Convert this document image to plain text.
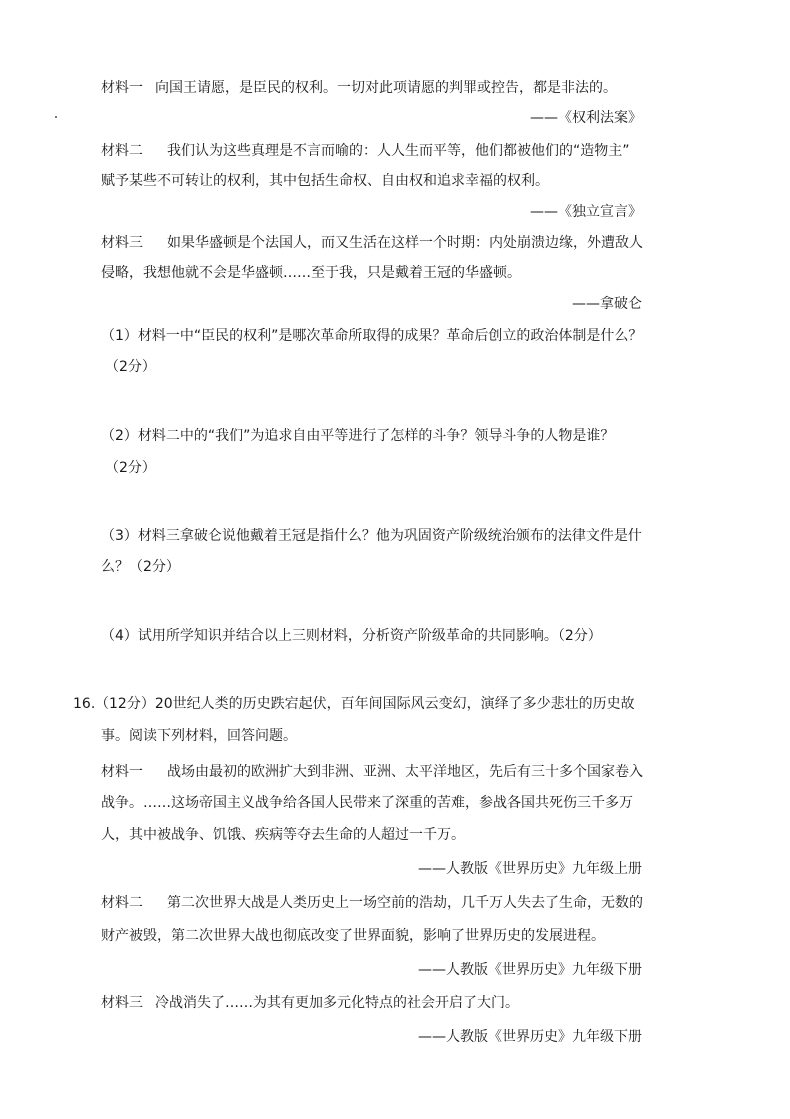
材料一 向国王请愿，是臣民的权利。一切对此项请愿的判罪或控告，都是非法的。
——《权利法案》
材料二 我们认为这些真理是不言而喻的：人人生而平等，他们都被他们的“造物主”
赋予某些不可转让的权利，其中包括生命权、自由权和追求幸福的权利。
——《独立宣言》
材料三 如果华盛顿是个法国人，而又生活在这样一个时期：内处崩溃边缘，外遭敌人
侵略，我想他就不会是华盛顿……至于我，只是戴着王冠的华盛顿。
——拿破仑
（1）材料一中“臣民的权利”是哪次革命所取得的成果？革命后创立的政治体制是什么？
（2分）
（2）材料二中的“我们”为追求自由平等进行了怎样的斗争？领导斗争的人物是谁？
（2分）
（3）材料三拿破仑说他戴着王冠是指什么？他为巩固资产阶级统治颁布的法律文件是什
么？（2分）
（4）试用所学知识并结合以上三则材料，分析资产阶级革命的共同影响。（2分）
16. （12分）20世纪人类的历史跌宕起伏，百年间国际风云变幻，演绎了多少悲壮的历史故
事。阅读下列材料，回答问题。
材料一 战场由最初的欧洲扩大到非洲、亚洲、太平洋地区，先后有三十多个国家卷入
战争。……这场帝国主义战争给各国人民带来了深重的苦难，参战各国共死伤三千多万
人，其中被战争、饥饿、疾病等夺去生命的人超过一千万。
——人教版《世界历史》九年级上册
材料二 第二次世界大战是人类历史上一场空前的浩劫，几千万人失去了生命，无数的
财产被毁，第二次世界大战也彻底改变了世界面貌，影响了世界历史的发展进程。
——人教版《世界历史》九年级下册
材料三 冷战消失了……为其有更加多元化特点的社会开启了大门。
——人教版《世界历史》九年级下册
